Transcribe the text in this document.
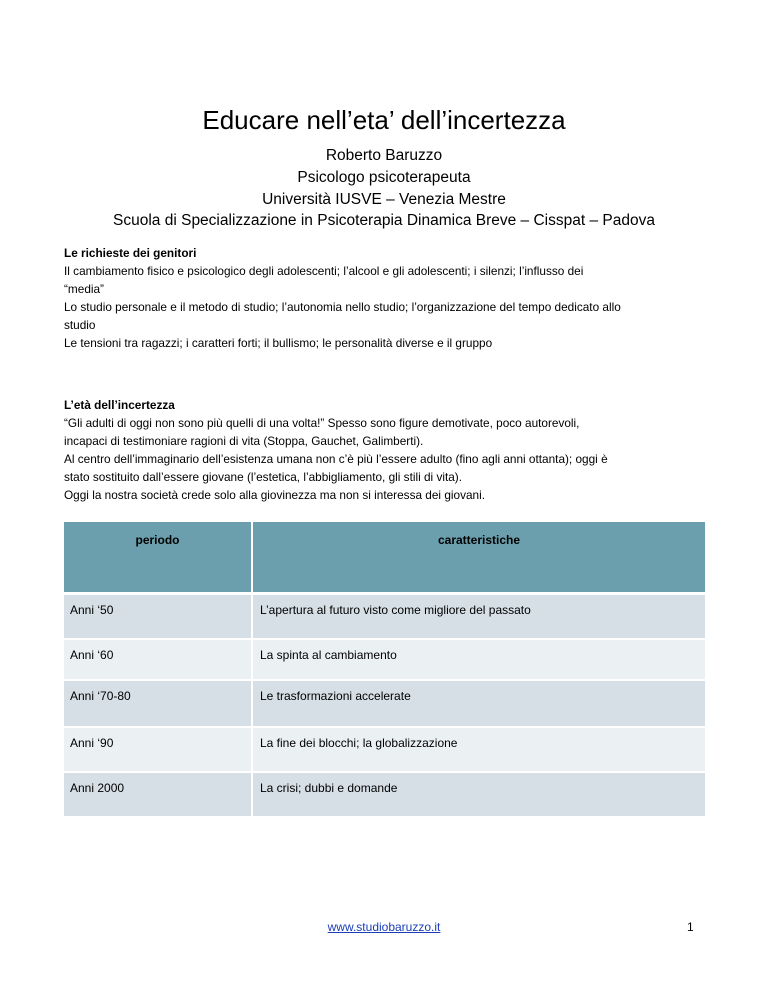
Educare nell’eta’ dell’incertezza
Roberto Baruzzo
Psicologo psicoterapeuta
Università IUSVE – Venezia Mestre
Scuola di Specializzazione in Psicoterapia Dinamica Breve – Cisspat – Padova
Le richieste dei genitori
Il cambiamento fisico e psicologico degli adolescenti; l’alcool e gli adolescenti; i silenzi; l’influsso dei
“media”
Lo studio personale e il metodo di studio; l’autonomia nello studio; l’organizzazione del tempo dedicato allo
studio
Le tensioni tra ragazzi; i caratteri forti; il bullismo; le personalità diverse e il gruppo
L’età dell’incertezza
“Gli adulti di oggi non sono più quelli di una volta!” Spesso sono figure demotivate, poco autorevoli,
incapaci di testimoniare ragioni di vita (Stoppa, Gauchet, Galimberti).
Al centro dell’immaginario dell’esistenza umana non c’è più l’essere adulto (fino agli anni ottanta); oggi è
stato sostituito dall’essere giovane (l’estetica, l’abbigliamento, gli stili di vita).
Oggi la nostra società crede solo alla giovinezza ma non si interessa dei giovani.
periodo	caratteristiche
Anni ‘50	L’apertura al futuro visto come migliore del passato
Anni ‘60	La spinta al cambiamento
Anni ‘70-80	Le trasformazioni accelerate
Anni ‘90	La fine dei blocchi; la globalizzazione
Anni 2000	La crisi; dubbi e domande
www.studiobaruzzo.it	1
